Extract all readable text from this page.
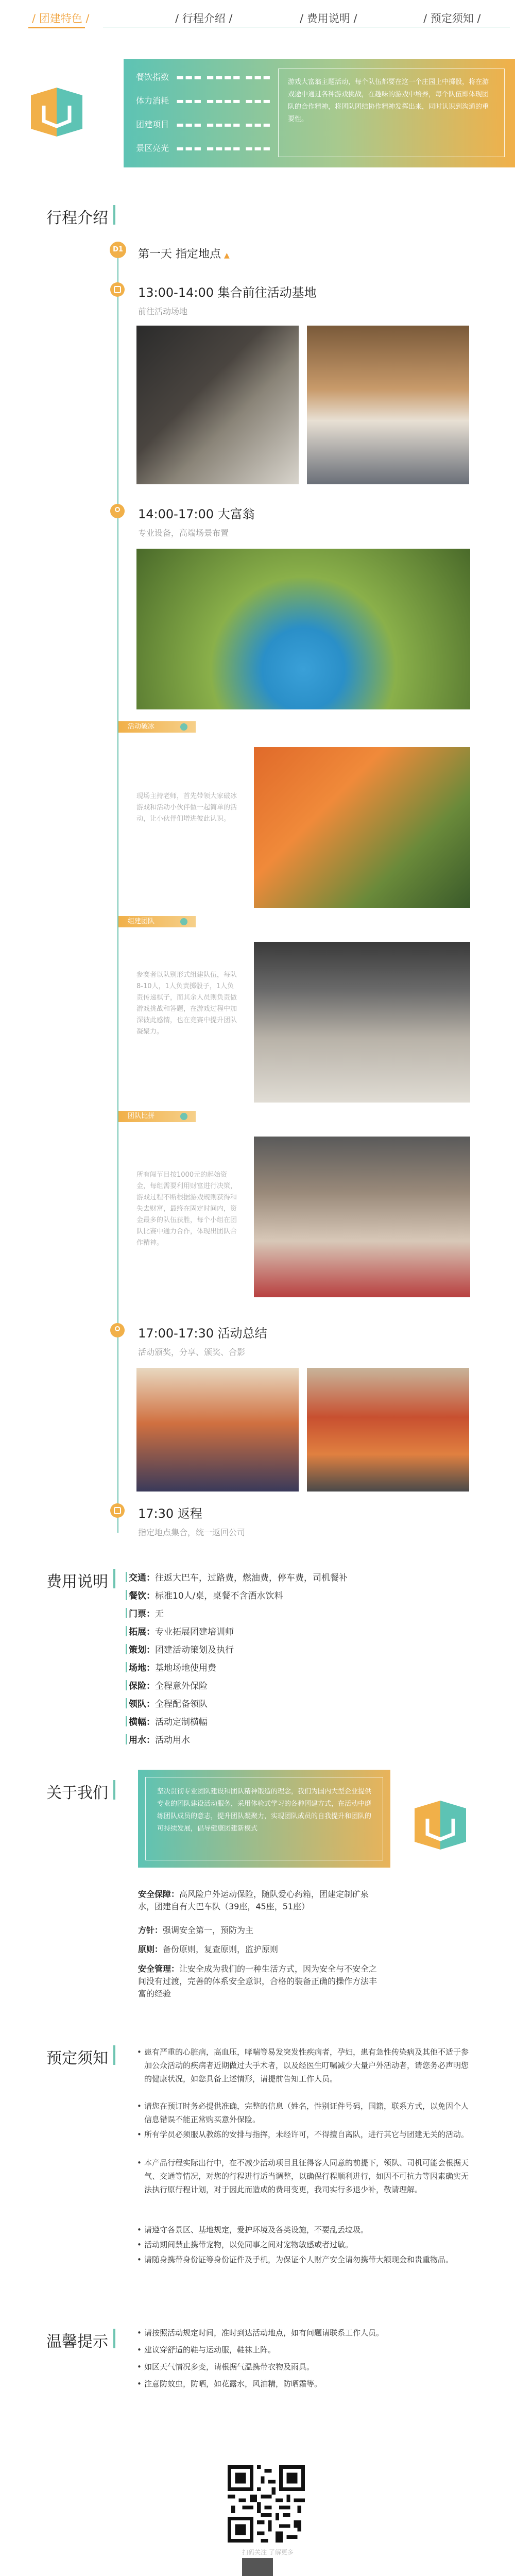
/ 团建特色 /	/ 行程介绍 /	/ 费用说明 /	/ 预定须知 /
餐饮指数 ▬▬▬ ▬▬▬▬ ▬▬▬
体力消耗 ▬▬▬ ▬▬▬▬ ▬▬▬
团建项目 ▬▬▬ ▬▬▬▬ ▬▬▬
景区亮光 ▬▬▬ ▬▬▬▬ ▬▬▬
游戏大富翁主题活动，每个队伍都要在这一个庄园上中掷骰，将在游戏途中通过各种游戏挑战，在趣味的游戏中培养，每个队伍即体现团队的合作精神，将团队团结协作精神发挥出来，同时认识到沟通的重要性。
行程介绍
D1 第一天 指定地点 ▲
13:00-14:00 集合前往活动基地
前往活动场地
14:00-17:00 大富翁
专业设备，高端场景布置
活动破冰
现场主持老师，首先带领大家破冰游戏和活动小伙伴做一起简单的活动，让小伙伴们增进彼此认识。
组建团队
参赛者以队别形式组建队伍，每队8-10人，1人负责掷骰子，1人负责传递棋子，而其余人员则负责做游戏挑战和答题，在游戏过程中加深彼此感情，也在竞赛中提升团队凝聚力。
团队比拼
所有闯节目按1000元的起始资金，每组需要利用财富进行决策，游戏过程不断根据游戏规则获得和失去财富，最终在固定时间内，资金最多的队伍获胜，每个小组在团队比赛中通力合作，体现出团队合作精神。
17:00-17:30 活动总结
活动颁奖，分享、颁奖、合影
17:30 返程
指定地点集合，统一返回公司
费用说明 交通：往返大巴车，过路费，燃油费，停车费，司机餐补
餐饮：标准10人/桌，桌餐不含酒水饮料
门票：无
拓展：专业拓展团建培训师
策划：团建活动策划及执行
场地：基地场地使用费
保险：全程意外保险
领队：全程配备领队
横幅：活动定制横幅
用水：活动用水
关于我们	坚决贯彻专业团队建设和团队精神锻造的理念，我们为国内大型企业提供专业的团队建设活动服务，采用体验式学习的各种团建方式，在活动中磨练团队成员的意志，提升团队凝聚力，实现团队成员的自我提升和团队的可持续发展，倡导健康团建新模式
安全保障：高风险户外运动保险，随队爱心药箱，团建定制矿泉水，团建自有大巴车队（39座，45座，51座）
方针：强调安全第一，预防为主
原则：备份原则，复查原则，监护原则
安全管理：让安全成为我们的一种生活方式，因为安全与不安全之间没有过渡，完善的体系安全意识，合格的装备正确的操作方法丰富的经验
预定须知	• 患有严重的心脏病，高血压，哮喘等易发突发性疾病者，孕妇，患有急性传染病及其他不适于参加公众活动的疾病者近期做过大手术者，以及经医生叮嘱减少大量户外活动者，请您务必声明您的健康状况，如您具备上述情形，请提前告知工作人员。
• 请您在预订时务必提供准确，完整的信息（姓名，性别证件号码，国籍，联系方式，以免因个人信息错误不能正常购买意外保险。
• 所有学员必须服从教练的安排与指挥，未经许可，不得擅自离队，进行其它与团建无关的活动。
• 本产品行程实际出行中，在不减少活动项目且征得客人同意的前提下，领队、司机可能会根据天气、交通等情况，对您的行程进行适当调整，以确保行程顺利进行，如因不可抗力等因素确实无法执行原行程计划，对于因此而造成的费用变更，我司实行多退少补，敬请理解。
• 请遵守各景区、基地规定，爱护环境及各类设施，不要乱丢垃圾。
• 活动期间禁止携带宠物，以免同事之间对宠物敏感或者过敏。
• 请随身携带身份证等身份证件及手机，为保证个人财产安全请勿携带大额现金和贵重物品。
温馨提示	• 请按照活动规定时间，准时到达活动地点，如有问题请联系工作人员。
• 建议穿舒适的鞋与运动服，鞋袜上阵。
• 如区天气情况多变，请根据气温携带衣物及雨具。
• 注意防蚊虫，防晒，如花露水，风油精，防晒霜等。
扫码关注 了解更多
